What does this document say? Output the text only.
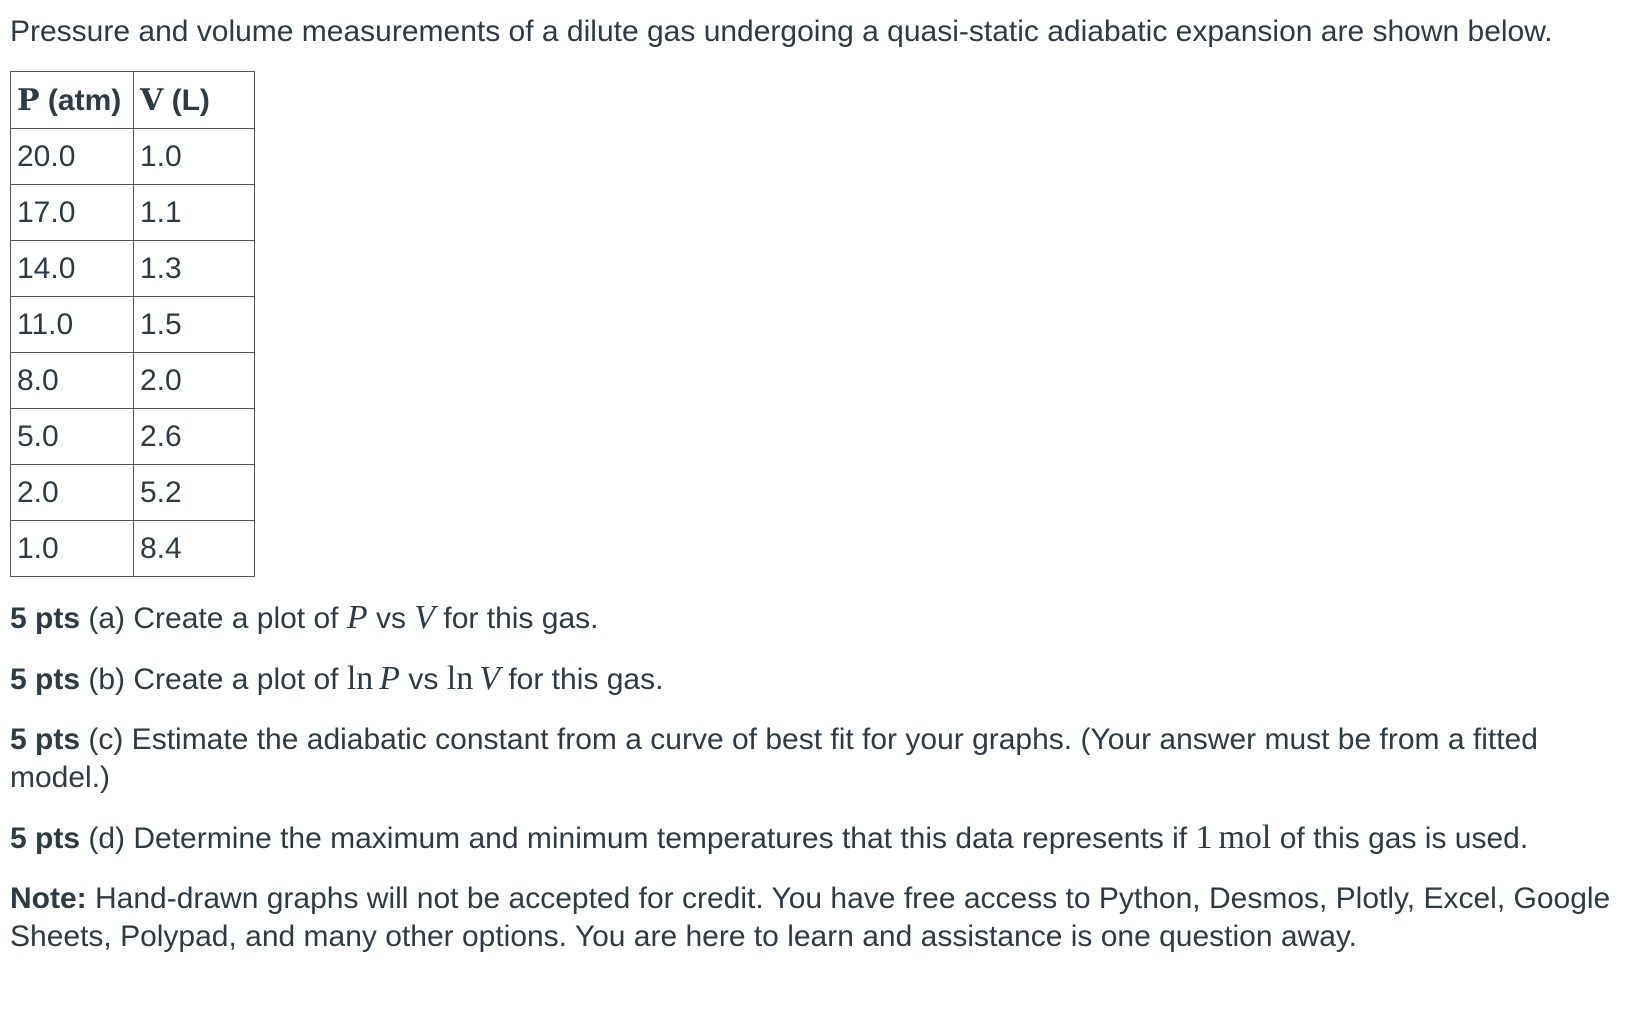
Pressure and volume measurements of a dilute gas undergoing a quasi-static adiabatic expansion are shown below.

P (atm)	V (L)
20.0	1.0
17.0	1.1
14.0	1.3
11.0	1.5
8.0	2.0
5.0	2.6
2.0	5.2
1.0	8.4

5 pts (a) Create a plot of P vs V for this gas.

5 pts (b) Create a plot of ln  P vs ln  V for this gas.

5 pts (c) Estimate the adiabatic constant from a curve of best fit for your graphs. (Your answer must be from a fitted model.)

5 pts (d) Determine the maximum and minimum temperatures that this data represents if 1  mol of this gas is used.

Note: Hand-drawn graphs will not be accepted for credit. You have free access to Python, Desmos, Plotly, Excel, Google Sheets, Polypad, and many other options. You are here to learn and assistance is one question away.
